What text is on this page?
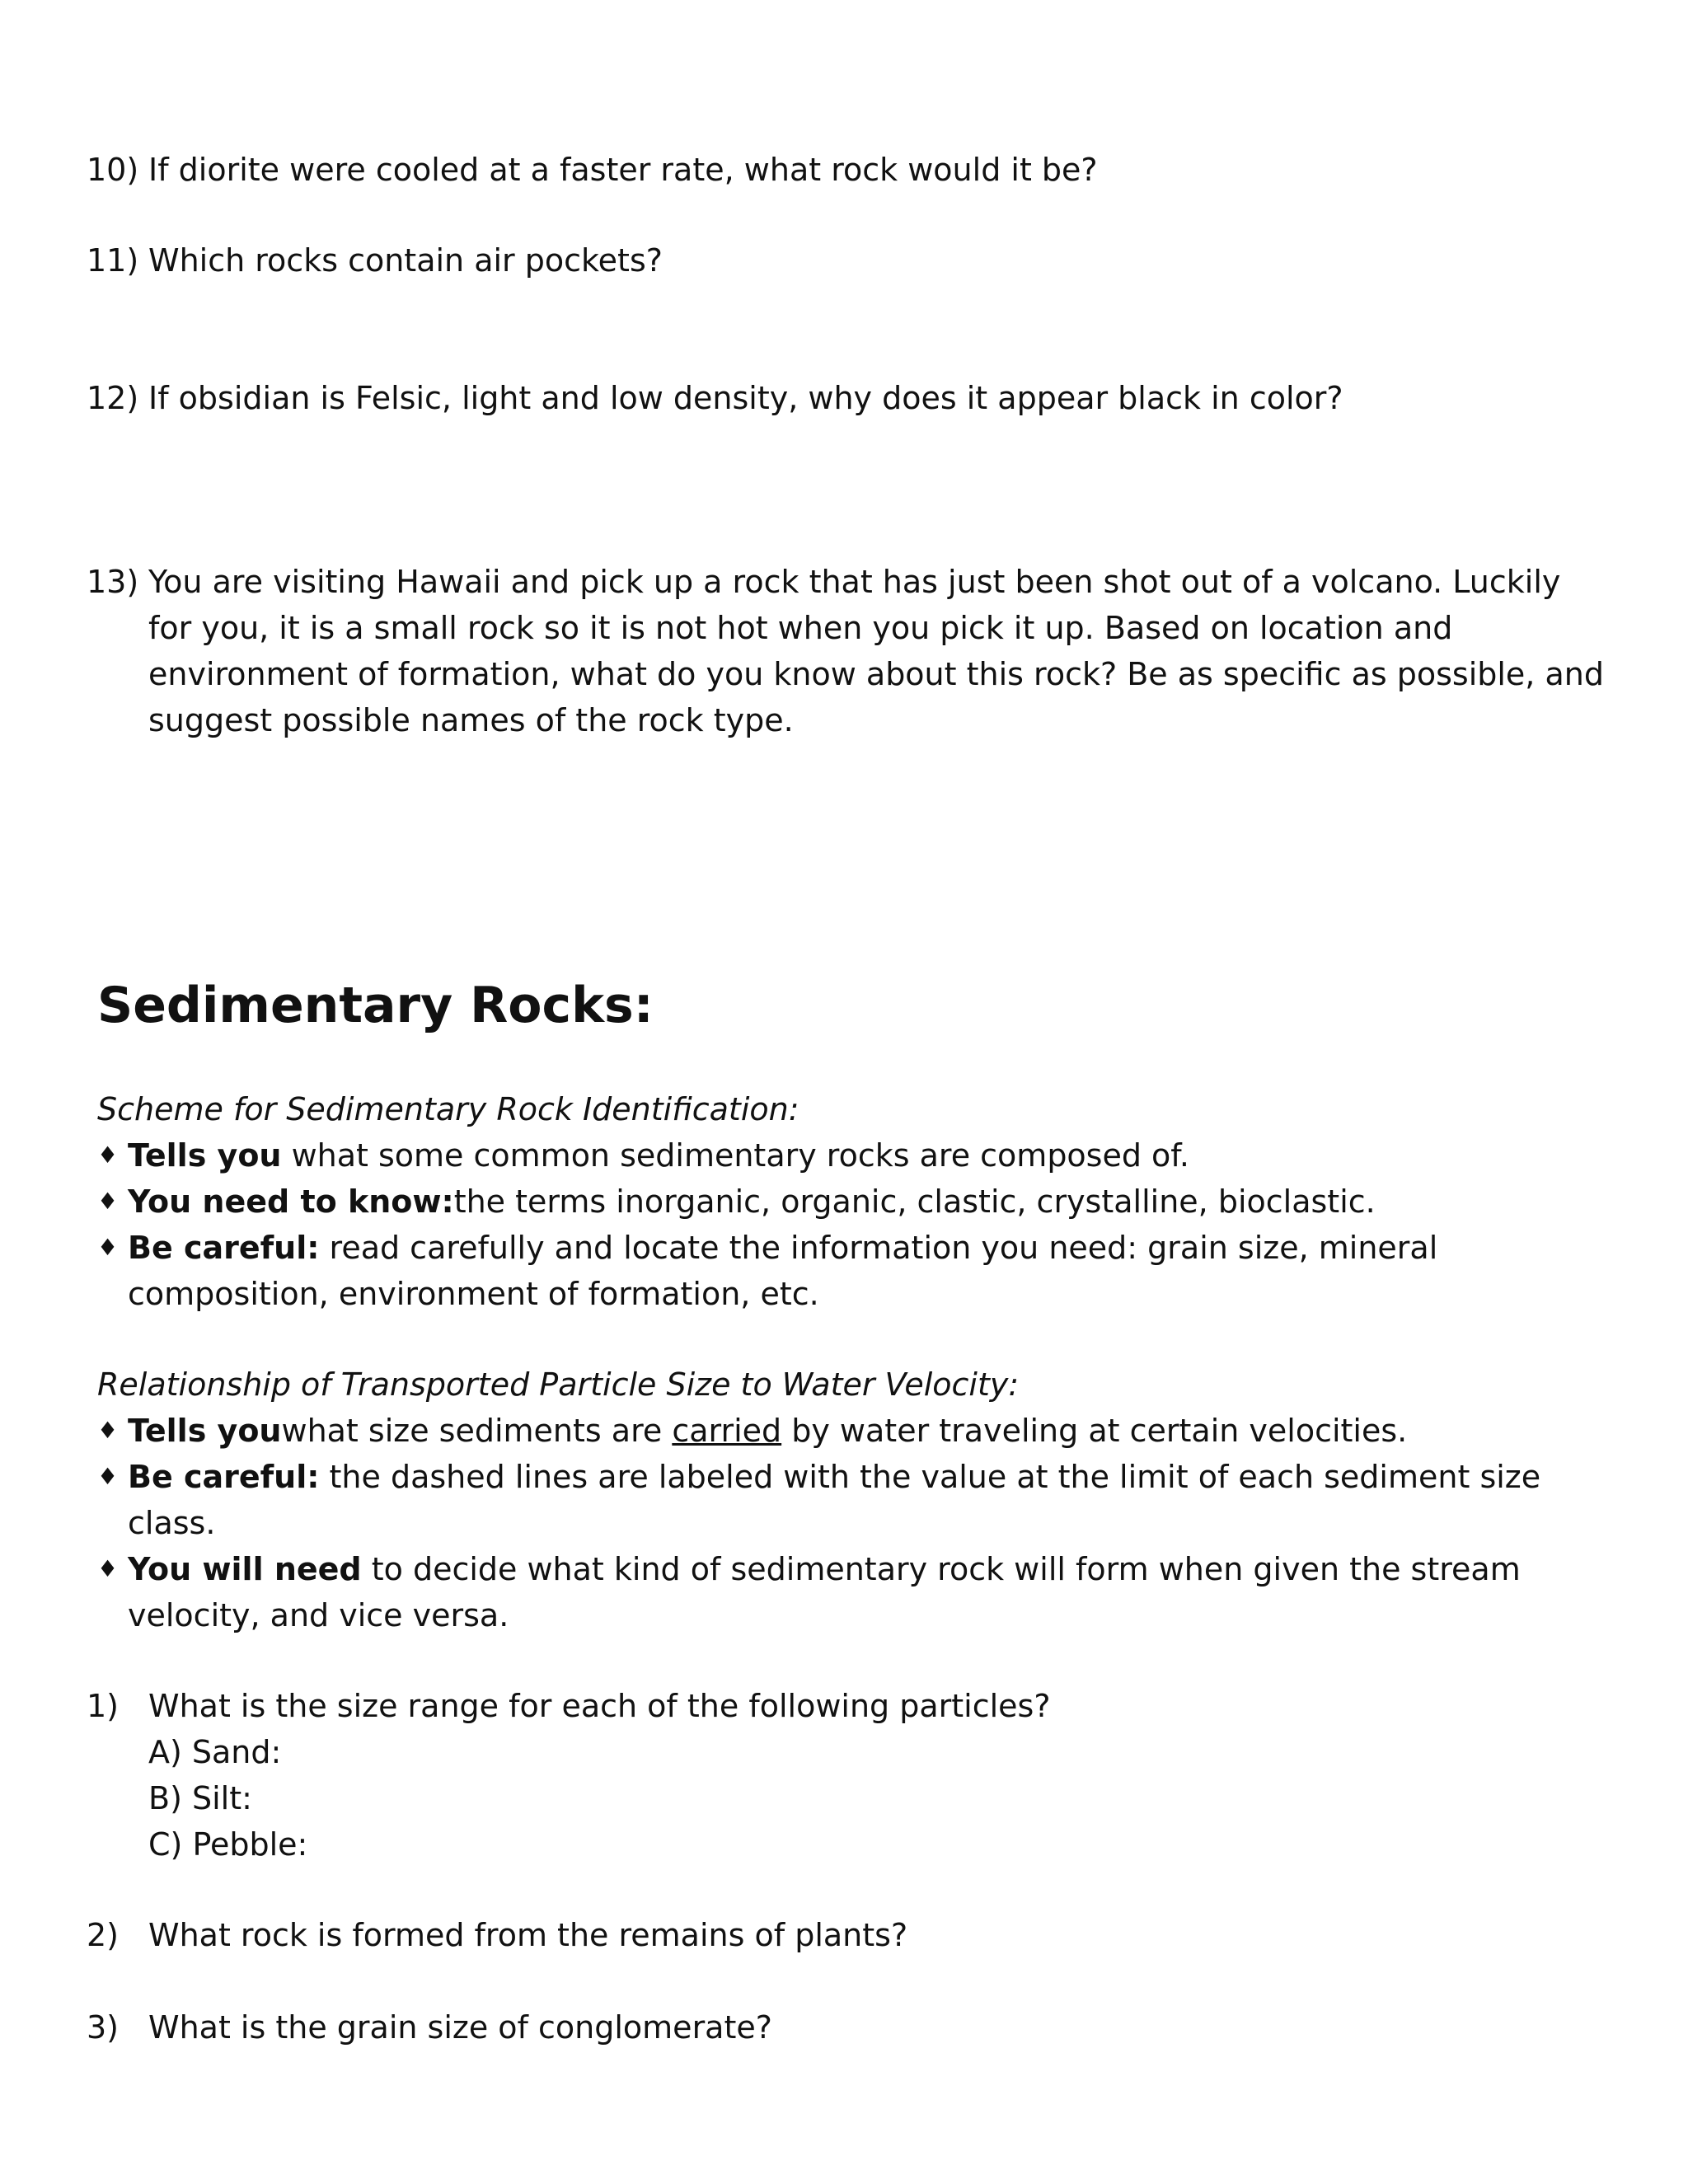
10) If diorite were cooled at a faster rate, what rock would it be?
11) Which rocks contain air pockets?
12) If obsidian is Felsic, light and low density, why does it appear black in color?
13) You are visiting Hawaii and pick up a rock that has just been shot out of a volcano. Luckily
for you, it is a small rock so it is not hot when you pick it up. Based on location and
environment of formation, what do you know about this rock? Be as specific as possible, and
suggest possible names of the rock type.
Sedimentary Rocks:
Scheme for Sedimentary Rock Identification:
♦ Tells you what some common sedimentary rocks are composed of.
♦ You need to know:the terms inorganic, organic, clastic, crystalline, bioclastic.
♦ Be careful: read carefully and locate the information you need: grain size, mineral
composition, environment of formation, etc.
Relationship of Transported Particle Size to Water Velocity:
♦ Tells youwhat size sediments are carried by water traveling at certain velocities.
♦ Be careful: the dashed lines are labeled with the value at the limit of each sediment size
class.
♦ You will need to decide what kind of sedimentary rock will form when given the stream
velocity, and vice versa.
1) What is the size range for each of the following particles?
A) Sand:
B) Silt:
C) Pebble:
2) What rock is formed from the remains of plants?
3) What is the grain size of conglomerate?
